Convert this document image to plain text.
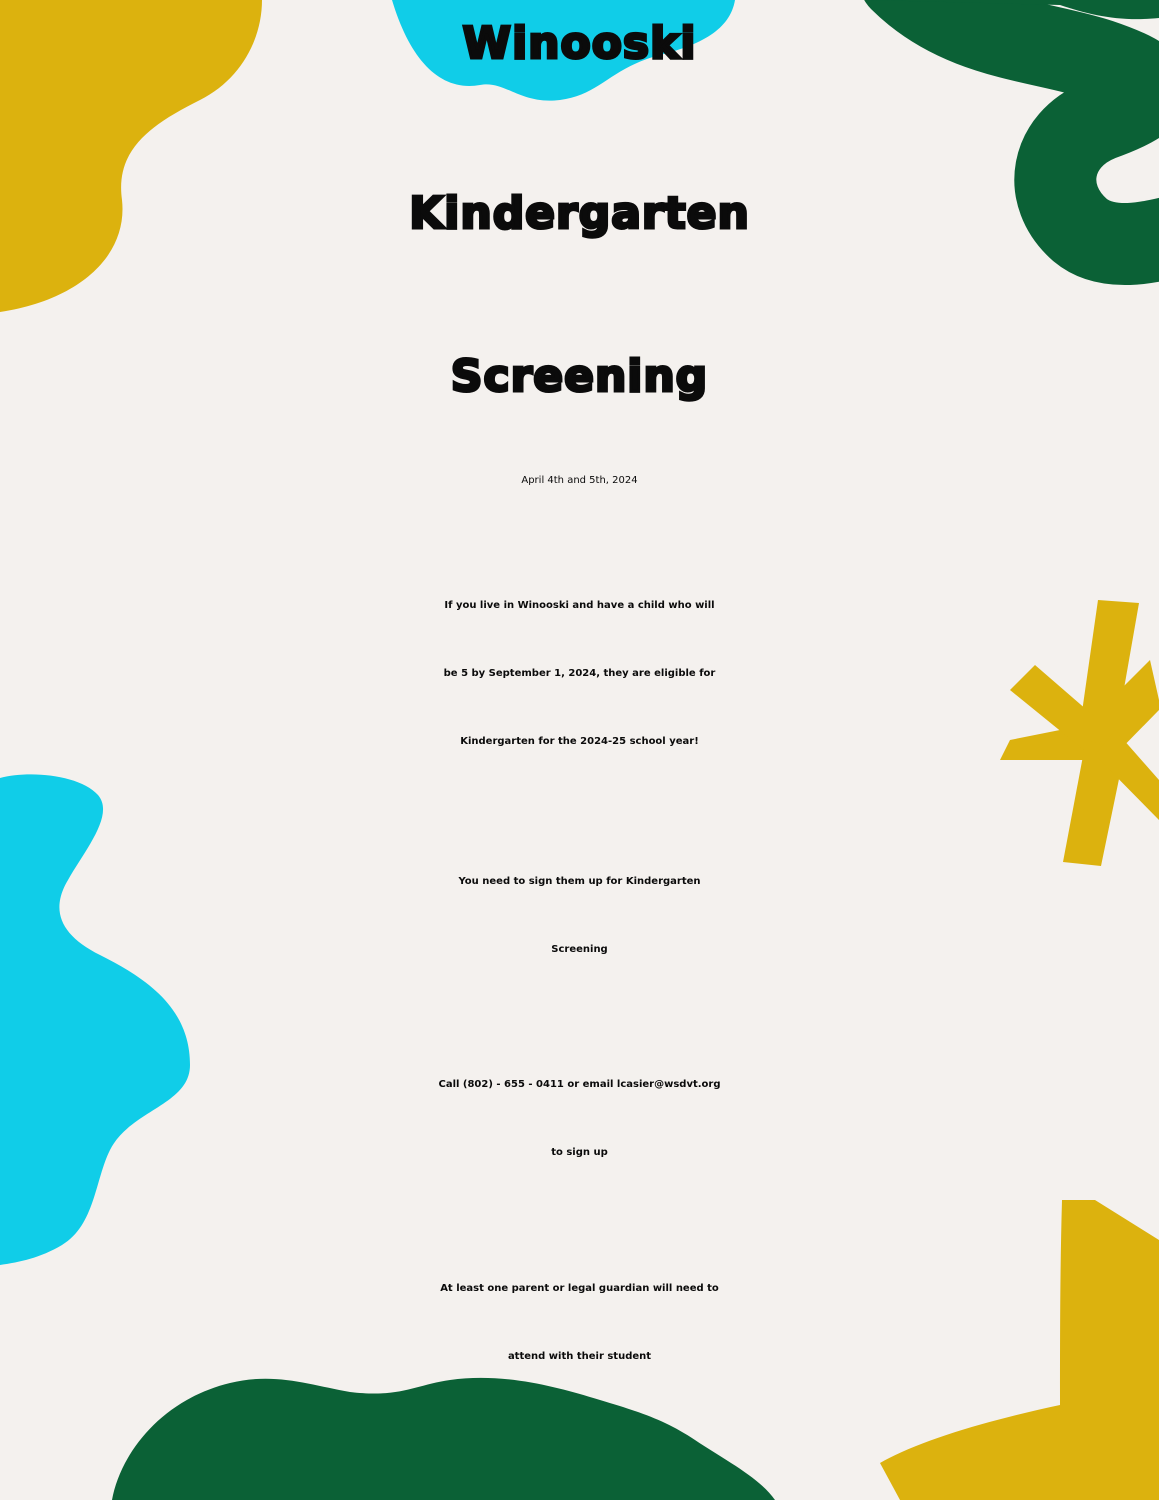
Winooski
Kindergarten
Screening
April 4th and 5th, 2024
If you live in Winooski and have a child who will
be 5 by September 1, 2024, they are eligible for
Kindergarten for the 2024-25 school year!
You need to sign them up for Kindergarten
Screening
Call (802) - 655 - 0411 or email lcasier@wsdvt.org
to sign up
At least one parent or legal guardian will need to
attend with their student
